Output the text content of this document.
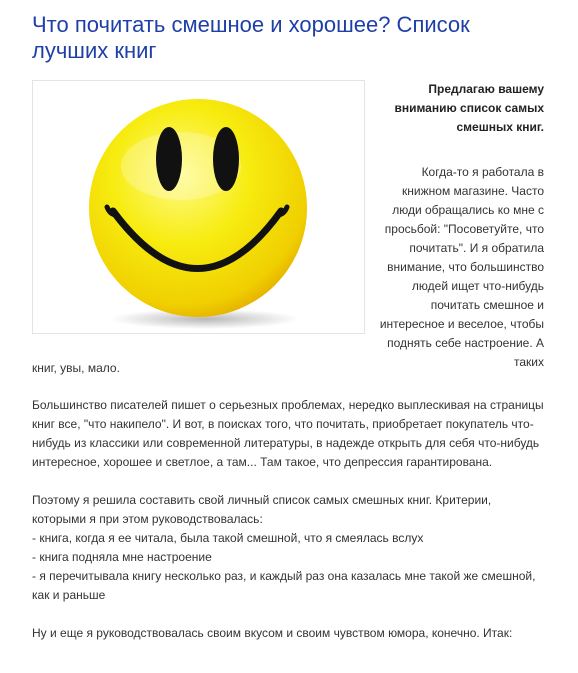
Что почитать смешное и хорошее? Список лучших книг

Предлагаю вашему вниманию список самых смешных книг.

Когда-то я работала в книжном магазине. Часто люди обращались ко мне с просьбой: "Посоветуйте, что почитать". И я обратила внимание, что большинство людей ищет что-нибудь почитать смешное и интересное и веселое, чтобы поднять себе настроение. А таких

книг, увы, мало.

Большинство писателей пишет о серьезных проблемах, нередко выплескивая на страницы книг все, "что накипело". И вот, в поисках того, что почитать, приобретает покупатель что-нибудь из классики или современной литературы, в надежде открыть для себя что-нибудь интересное, хорошее и светлое, а там... Там такое, что депрессия гарантирована.

Поэтому я решила составить свой личный список самых смешных книг. Критерии, которыми я при этом руководствовалась:
- книга, когда я ее читала, была такой смешной, что я смеялась вслух
- книга подняла мне настроение
- я перечитывала книгу несколько раз, и каждый раз она казалась мне такой же смешной, как и раньше

Ну и еще я руководствовалась своим вкусом и своим чувством юмора, конечно. Итак:
